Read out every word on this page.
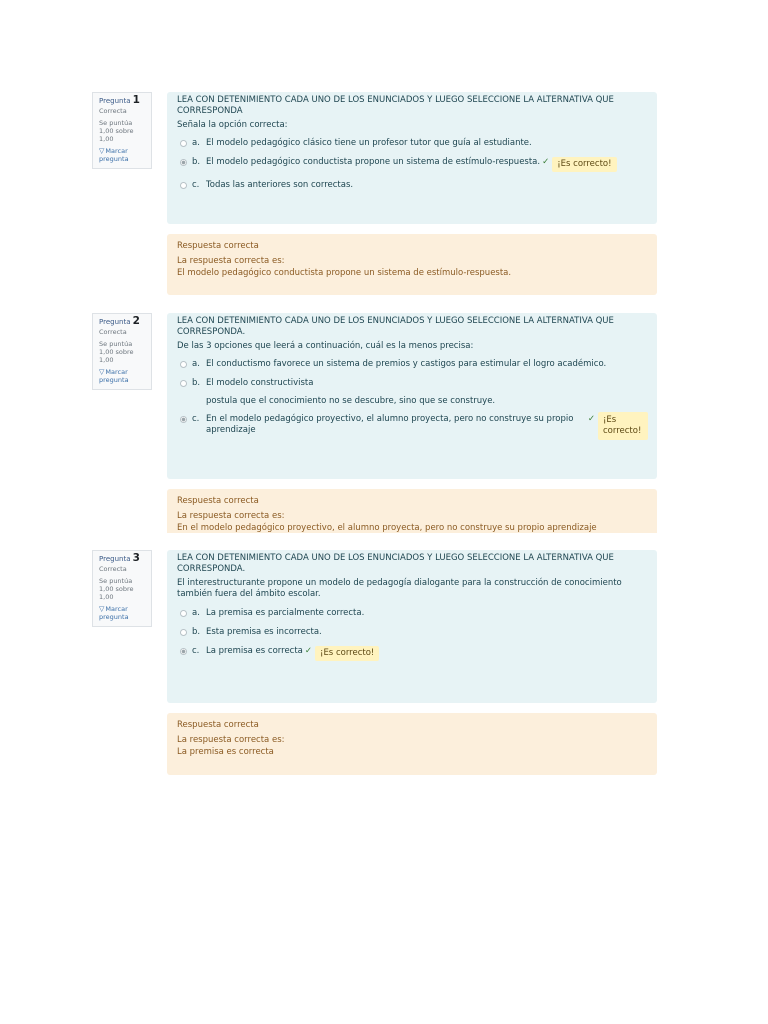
Pregunta 1
Correcta
Se puntúa 1,00 sobre 1,00
▽Marcar pregunta
LEA CON DETENIMIENTO CADA UNO DE LOS ENUNCIADOS Y LUEGO SELECCIONE LA ALTERNATIVA QUE CORRESPONDA
Señala la opción correcta:
a. El modelo pedagógico clásico tiene un profesor tutor que guía al estudiante.
b. El modelo pedagógico conductista propone un sistema de estímulo-respuesta. ✓ ¡Es correcto!
c. Todas las anteriores son correctas.
Respuesta correcta
La respuesta correcta es:
El modelo pedagógico conductista propone un sistema de estímulo-respuesta.
Pregunta 2
Correcta
Se puntúa 1,00 sobre 1,00
▽Marcar pregunta
LEA CON DETENIMIENTO CADA UNO DE LOS ENUNCIADOS Y LUEGO SELECCIONE LA ALTERNATIVA QUE CORRESPONDA.
De las 3 opciones que leerá a continuación, cuál es la menos precisa:
a. El conductismo favorece un sistema de premios y castigos para estimular el logro académico.
b. El modelo constructivista
postula que el conocimiento no se descubre, sino que se construye.
c. En el modelo pedagógico proyectivo, el alumno proyecta, pero no construye su propio aprendizaje
✓ ¡Es correcto!
Respuesta correcta
La respuesta correcta es:
En el modelo pedagógico proyectivo, el alumno proyecta, pero no construye su propio aprendizaje
Pregunta 3
Correcta
Se puntúa 1,00 sobre 1,00
▽Marcar pregunta
LEA CON DETENIMIENTO CADA UNO DE LOS ENUNCIADOS Y LUEGO SELECCIONE LA ALTERNATIVA QUE CORRESPONDA.
El interestructurante propone un modelo de pedagogía dialogante para la construcción de conocimiento también fuera del ámbito escolar.
a. La premisa es parcialmente correcta.
b. Esta premisa es incorrecta.
c. La premisa es correcta ✓ ¡Es correcto!
Respuesta correcta
La respuesta correcta es:
La premisa es correcta
